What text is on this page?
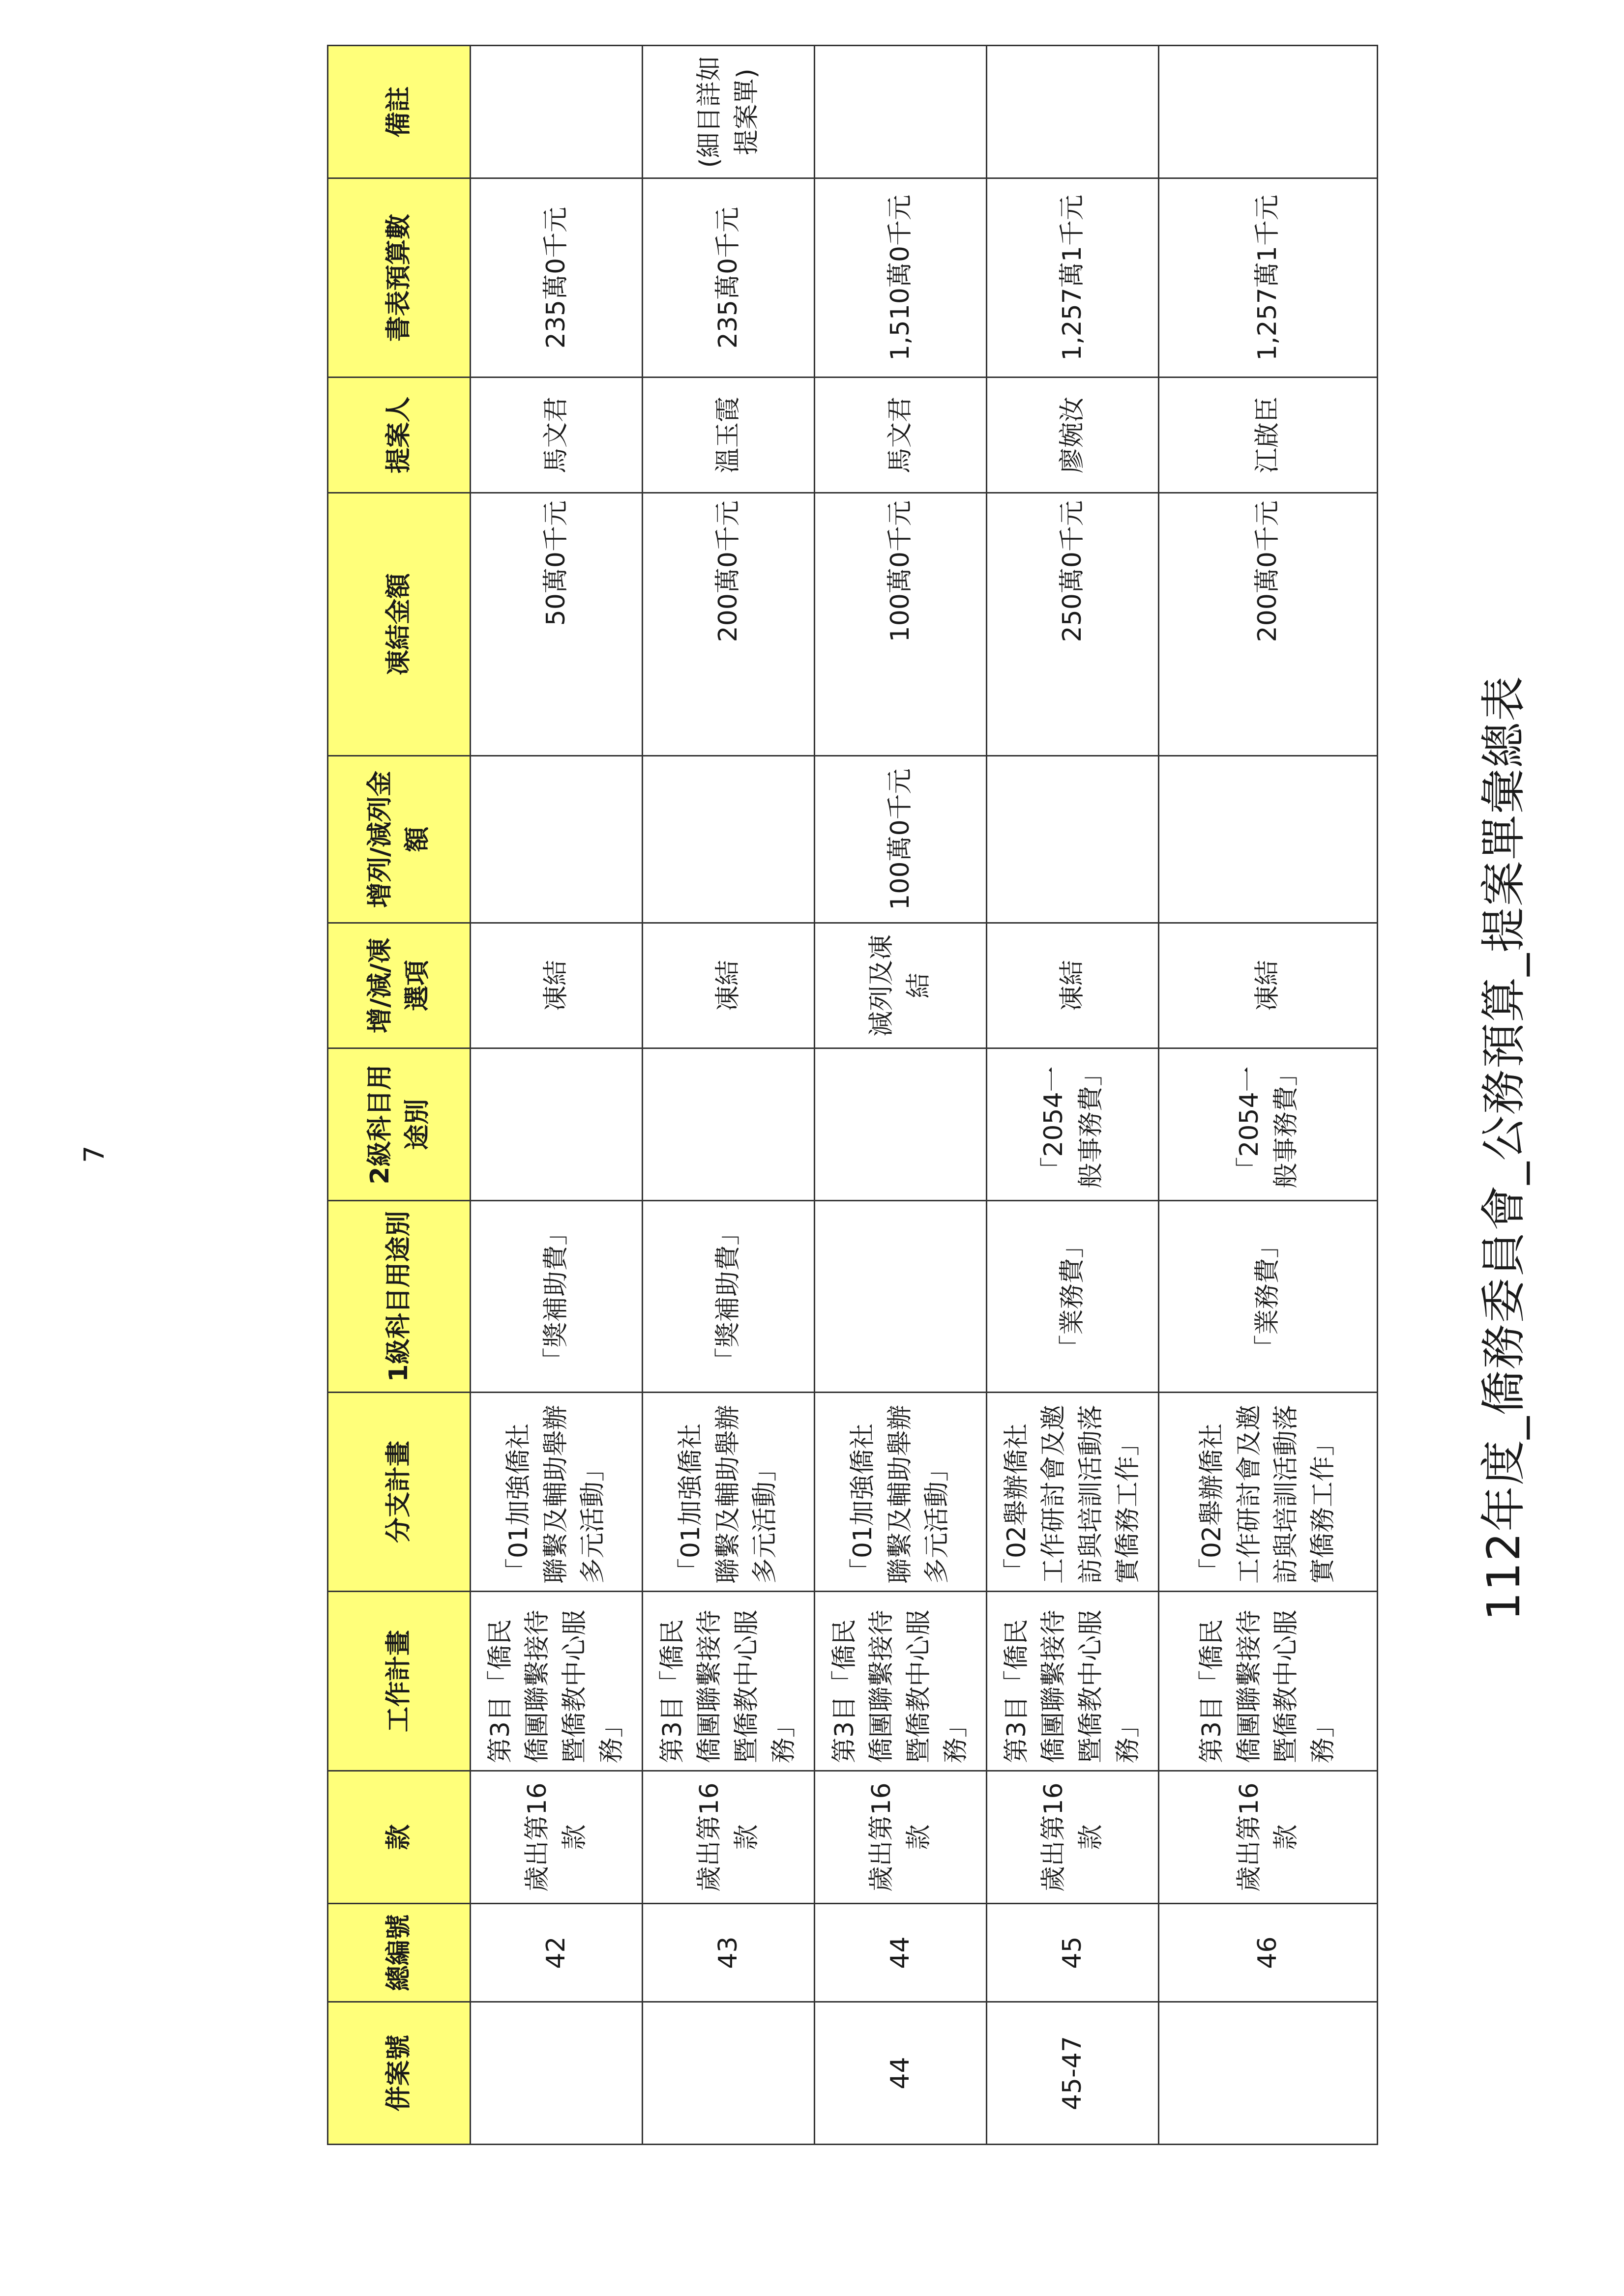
112年度_僑務委員會_公務預算_提案單彙總表
併案號	總編號	款	工作計畫	分支計畫	1級科目用途別	2級科目用途別	增/減/凍選項	增列/減列金額	凍結金額	提案人	書表預算數	備註
	42	歲出第16款	第3目「僑民僑團聯繫接待暨僑教中心服務」	「01加強僑社聯繫及輔助舉辦多元活動」	「獎補助費」		凍結		50萬0千元	馬文君	235萬0千元	
	43	歲出第16款	第3目「僑民僑團聯繫接待暨僑教中心服務」	「01加強僑社聯繫及輔助舉辦多元活動」	「獎補助費」		凍結		200萬0千元	溫玉霞	235萬0千元	(細目詳如提案單)
44	44	歲出第16款	第3目「僑民僑團聯繫接待暨僑教中心服務」	「01加強僑社聯繫及輔助舉辦多元活動」			減列及凍結	100萬0千元	100萬0千元	馬文君	1,510萬0千元	
45-47	45	歲出第16款	第3目「僑民僑團聯繫接待暨僑教中心服務」	「02舉辦僑社工作研討會及邀訪與培訓活動落實僑務工作」	「業務費」	「2054一般事務費」	凍結		250萬0千元	廖婉汝	1,257萬1千元	
	46	歲出第16款	第3目「僑民僑團聯繫接待暨僑教中心服務」	「02舉辦僑社工作研討會及邀訪與培訓活動落實僑務工作」	「業務費」	「2054一般事務費」	凍結		200萬0千元	江啟臣	1,257萬1千元	
7
